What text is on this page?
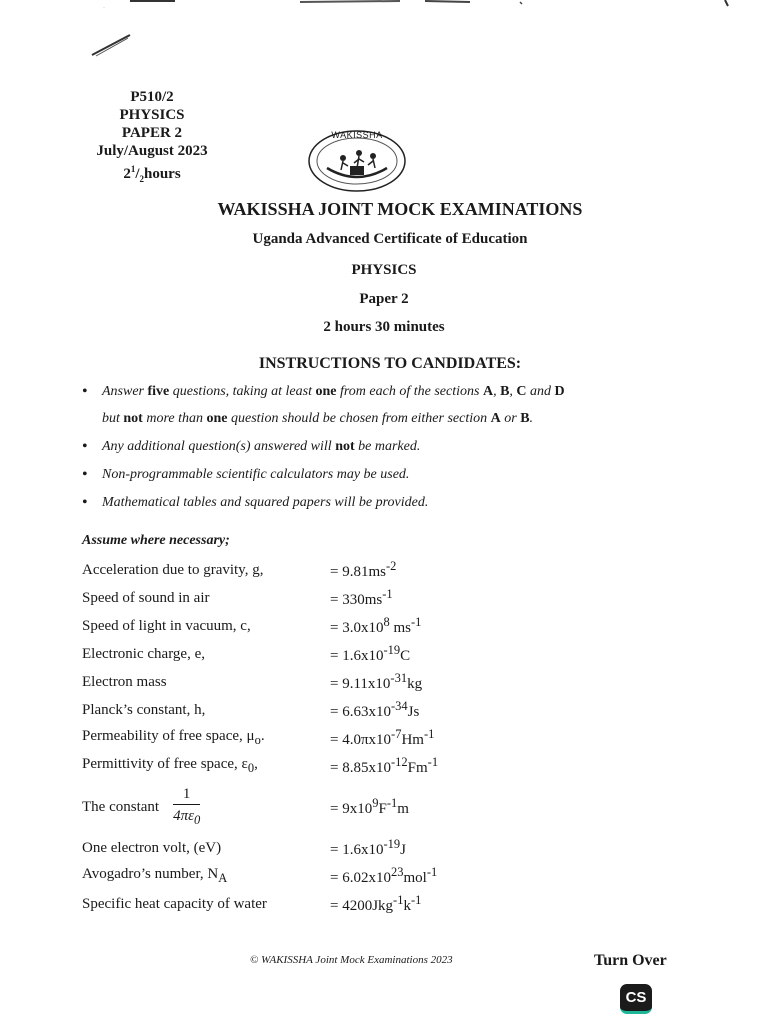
P510/2
PHYSICS
PAPER 2
July/August 2023
$2^1/_2hours$
WAKISSHA
WAKISSHA JOINT MOCK EXAMINATIONS
Uganda Advanced Certificate of Education
PHYSICS
Paper 2
2 hours 30 minutes
INSTRUCTIONS TO CANDIDATES:
• Answer five questions, taking at least one from each of the sections A, B, C and D
but not more than one question should be chosen from either section A or B.
• Any additional question(s) answered will not be marked.
• Non-programmable scientific calculators may be used.
• Mathematical tables and squared papers will be provided.
Assume where necessary;
Acceleration due to gravity, g,	= $9.81ms^{-2}$
Speed of sound in air	= $330ms^{-1}$
Speed of light in vacuum, c,	= $3.0x10^8$ $ms^{-1}$
Electronic charge, e,	= $1.6x10^{-19}C$
Electron mass	= $9.11x10^{-31}kg$
Planck’s constant, h,	= $6.63x10^{-34}Js$
Permeability of free space, $\mu_o$.	= $4.0\pi x10^{-7}Hm^{-1}$
Permittivity of free space, $\varepsilon_0$,	= $8.85x10^{-12}Fm^{-1}$
The constant $\frac{1}{4\pi\varepsilon_0}$	= $9x10^9F^{-1}m$
One electron volt, (eV)	= $1.6x10^{-19}J$
Avogadro’s number, $N_A$	= $6.02x10^{23}mol^{-1}$
Specific heat capacity of water	= $4200Jkg^{-1}k^{-1}$
© WAKISSHA Joint Mock Examinations 2023	Turn Over
CS
